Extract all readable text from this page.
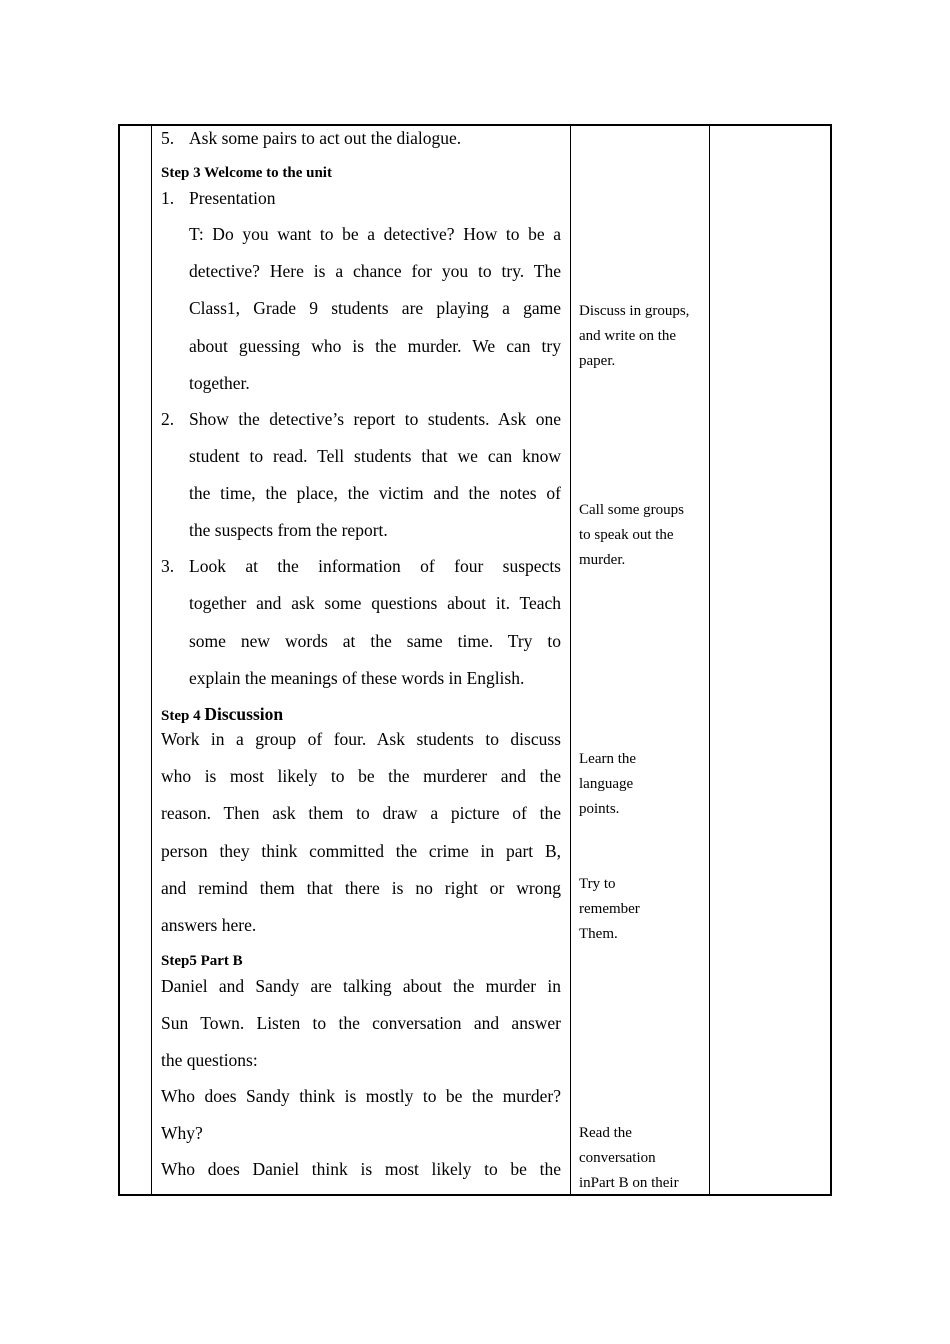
5. Ask some pairs to act out the dialogue.
Step 3 Welcome to the unit
1. Presentation
T: Do you want to be a detective? How to be a
detective? Here is a chance for you to try. The
Class1, Grade 9 students are playing a game
about guessing who is the murder. We can try
together.
2. Show the detective’s report to students. Ask one
student to read. Tell students that we can know
the time, the place, the victim and the notes of
the suspects from the report.
3. Look at the information of four suspects
together and ask some questions about it. Teach
some new words at the same time. Try to
explain the meanings of these words in English.
Step 4 Discussion
Work in a group of four. Ask students to discuss
who is most likely to be the murderer and the
reason. Then ask them to draw a picture of the
person they think committed the crime in part B,
and remind them that there is no right or wrong
answers here.
Step5 Part B
Daniel and Sandy are talking about the murder in
Sun Town. Listen to the conversation and answer
the questions:
Who does Sandy think is mostly to be the murder?
Why?
Who does Daniel think is most likely to be the
Discuss in groups,
and write on the
paper.
Call some groups
to speak out the
murder.
Learn the
language
points.
Try to
remember
Them.
Read the
conversation
inPart B on their
